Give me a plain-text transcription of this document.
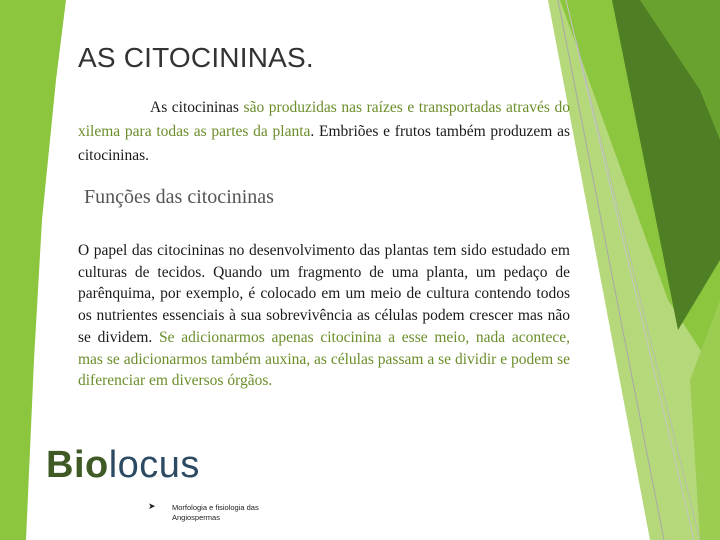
AS CITOCININAS.
As citocininas são produzidas nas raízes e transportadas através do xilema para todas as partes da planta. Embriões e frutos também produzem as citocininas.
Funções das citocininas
O papel das citocininas no desenvolvimento das plantas tem sido estudado em culturas de tecidos. Quando um fragmento de uma planta, um pedaço de parênquima, por exemplo, é colocado em um meio de cultura contendo todos os nutrientes essenciais à sua sobrevivência as células podem crescer mas não se dividem. Se adicionarmos apenas citocinina a esse meio, nada acontece, mas se adicionarmos também auxina, as células passam a se dividir e podem se diferenciar em diversos órgãos.
Biolocus
➤ Morfologia e fisiologia das Angiospermas
